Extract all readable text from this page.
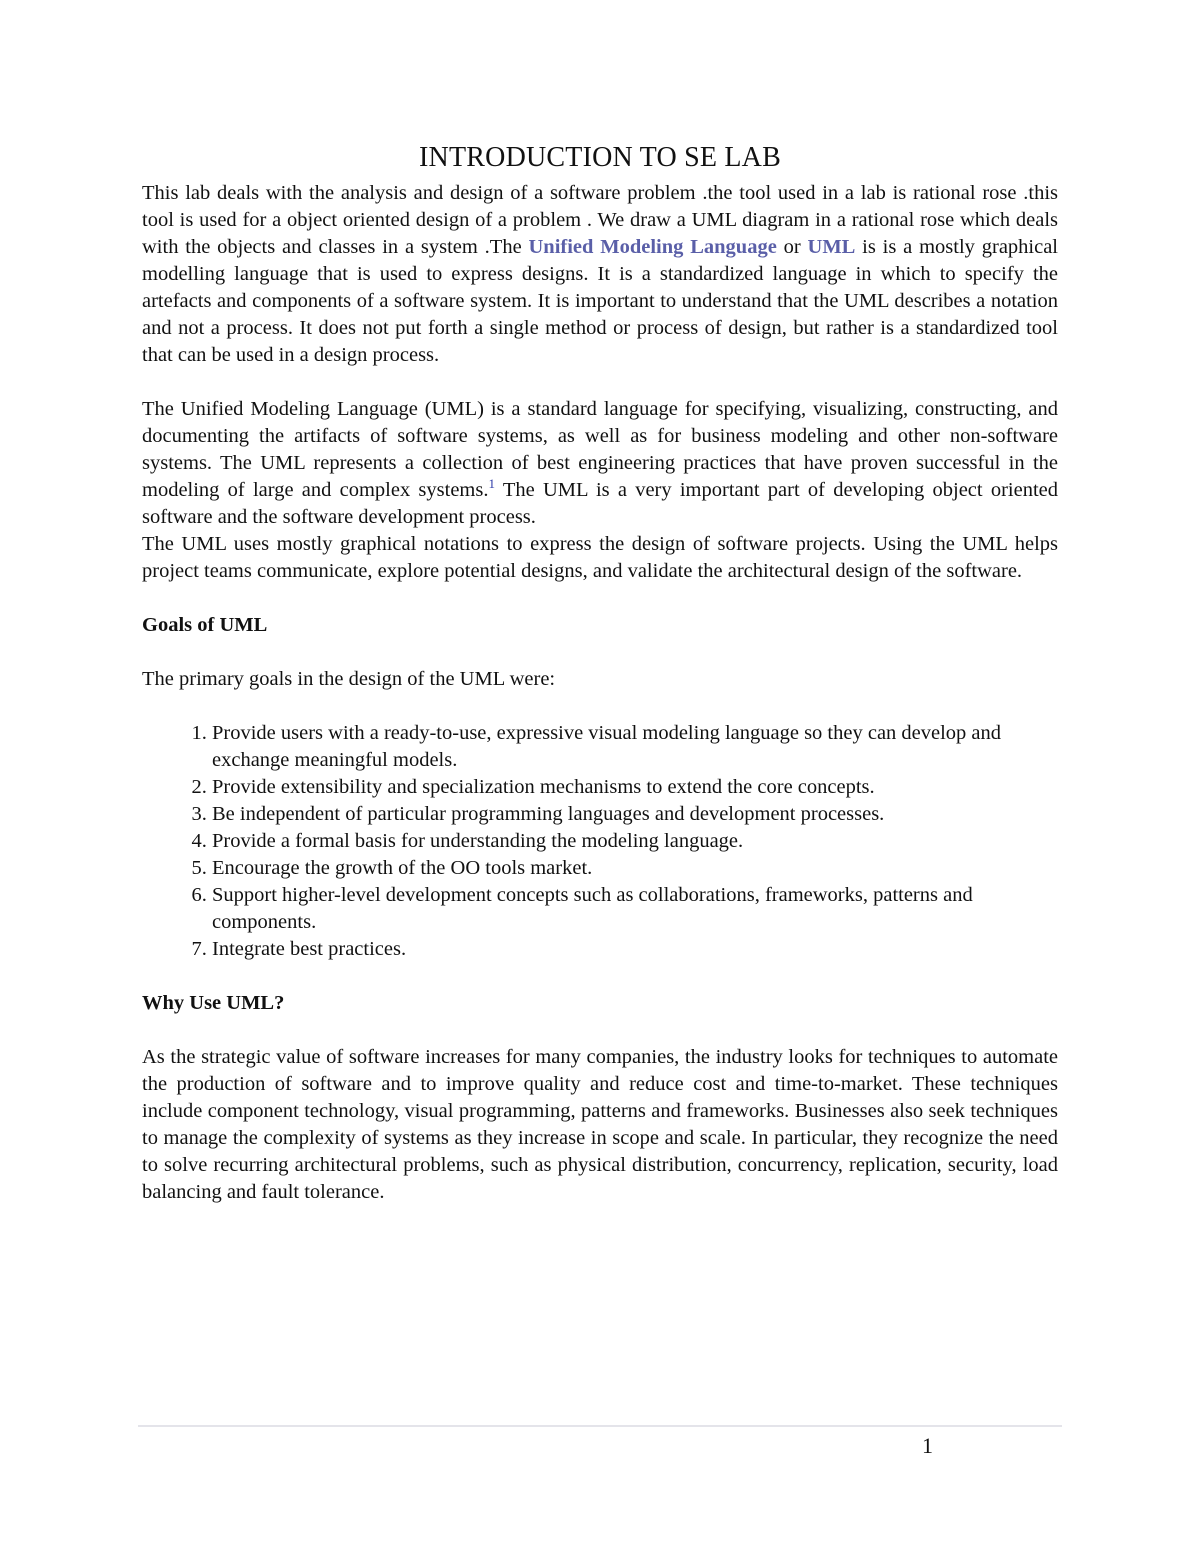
INTRODUCTION TO SE LAB

This lab deals with the analysis and design of a software problem .the tool used in a lab is rational rose .this tool is used for a object oriented design of a problem . We draw a UML diagram in a rational rose which deals with the objects and classes in a system .The Unified Modeling Language or UML is is a mostly graphical modelling language that is used to express designs. It is a standardized language in which to specify the artefacts and components of a software system. It is important to understand that the UML describes a notation and not a process. It does not put forth a single method or process of design, but rather is a standardized tool that can be used in a design process.

The Unified Modeling Language (UML) is a standard language for specifying, visualizing, constructing, and documenting the artifacts of software systems, as well as for business modeling and other non-software systems. The UML represents a collection of best engineering practices that have proven successful in the modeling of large and complex systems.$^1$ The UML is a very important part of developing object oriented software and the software development process.

The UML uses mostly graphical notations to express the design of software projects. Using the UML helps project teams communicate, explore potential designs, and validate the architectural design of the software.

Goals of UML

The primary goals in the design of the UML were:

1. Provide users with a ready-to-use, expressive visual modeling language so they can develop and exchange meaningful models.
2. Provide extensibility and specialization mechanisms to extend the core concepts.
3. Be independent of particular programming languages and development processes.
4. Provide a formal basis for understanding the modeling language.
5. Encourage the growth of the OO tools market.
6. Support higher-level development concepts such as collaborations, frameworks, patterns and components.
7. Integrate best practices.

Why Use UML?

As the strategic value of software increases for many companies, the industry looks for techniques to automate the production of software and to improve quality and reduce cost and time-to-market. These techniques include component technology, visual programming, patterns and frameworks. Businesses also seek techniques to manage the complexity of systems as they increase in scope and scale. In particular, they recognize the need to solve recurring architectural problems, such as physical distribution, concurrency, replication, security, load balancing and fault tolerance.

1
